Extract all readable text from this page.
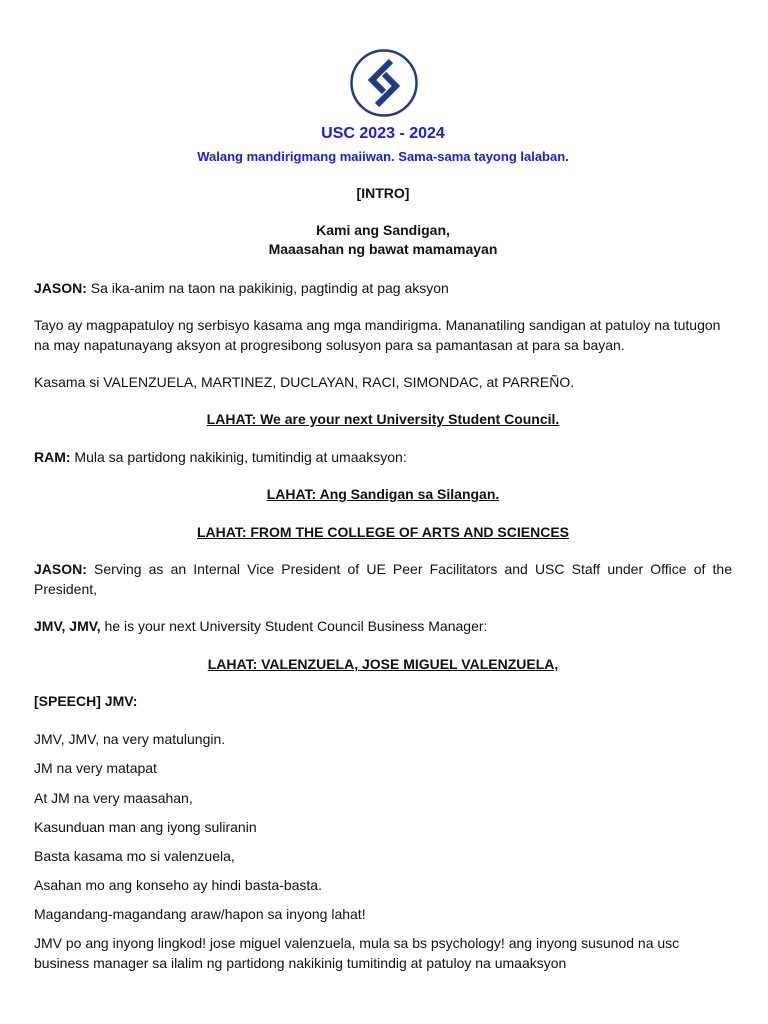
USC 2023 - 2024
Walang mandirigmang maiiwan. Sama-sama tayong lalaban.
[INTRO]
Kami ang Sandigan,
Maaasahan ng bawat mamamayan
JASON: Sa ika-anim na taon na pakikinig, pagtindig at pag aksyon
Tayo ay magpapatuloy ng serbisyo kasama ang mga mandirigma. Mananatiling sandigan at patuloy na tutugon na may napatunayang aksyon at progresibong solusyon para sa pamantasan at para sa bayan.
Kasama si VALENZUELA, MARTINEZ, DUCLAYAN, RACI, SIMONDAC, at PARREÑO.
LAHAT: We are your next University Student Council.
RAM: Mula sa partidong nakikinig, tumitindig at umaaksyon:
LAHAT: Ang Sandigan sa Silangan.
LAHAT: FROM THE COLLEGE OF ARTS AND SCIENCES
JASON: Serving as an Internal Vice President of UE Peer Facilitators and USC Staff under Office of the President,
JMV, JMV, he is your next University Student Council Business Manager:
LAHAT: VALENZUELA, JOSE MIGUEL VALENZUELA,
[SPEECH] JMV:
JMV, JMV, na very matulungin.
JM na very matapat
At JM na very maasahan,
Kasunduan man ang iyong suliranin
Basta kasama mo si valenzuela,
Asahan mo ang konseho ay hindi basta-basta.
Magandang-magandang araw/hapon sa inyong lahat!
JMV po ang inyong lingkod! jose miguel valenzuela, mula sa bs psychology! ang inyong susunod na usc business manager sa ilalim ng partidong nakikinig tumitindig at patuloy na umaaksyon
